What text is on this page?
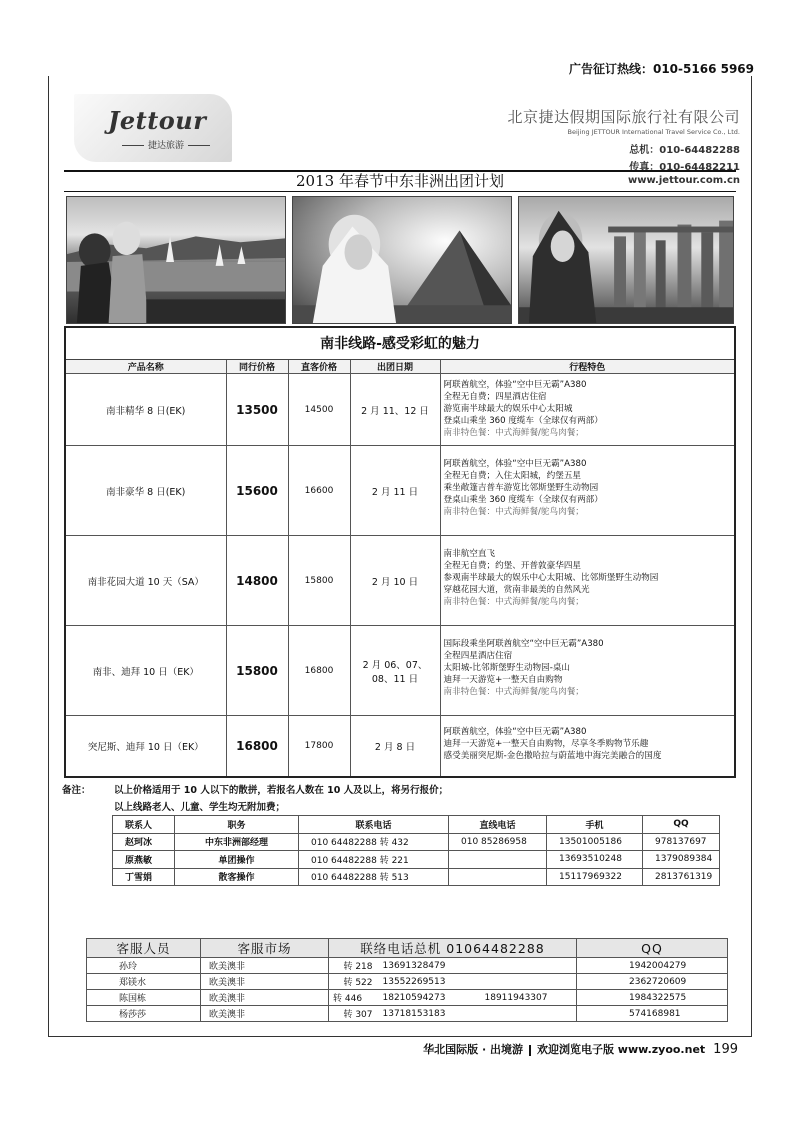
广告征订热线：010-5166 5969
Jettour
捷达旅游
北京捷达假期国际旅行社有限公司
Beijing JETTOUR International Travel Service Co., Ltd.
总机：010-64482288
传真：010-64482211
www.jettour.com.cn
2013 年春节中东非洲出团计划
南非线路-感受彩虹的魅力
产品名称	同行价格	直客价格	出团日期	行程特色
南非精华 8 日(EK)	13500	14500	2 月 11、12 日	阿联酋航空，体验“空中巨无霸”A380
全程无自费；四星酒店住宿
游览南半球最大的娱乐中心太阳城
登桌山乘坐 360 度缆车（全球仅有两部）
南非特色餐：中式海鲜餐/鸵鸟肉餐；

南非豪华 8 日(EK)	15600	16600	2 月 11 日	阿联酋航空，体验“空中巨无霸”A380
全程无自费；入住太阳城，约堡五星
乘坐敞篷吉普车游览比邻斯堡野生动物园
登桌山乘坐 360 度缆车（全球仅有两部）
南非特色餐：中式海鲜餐/鸵鸟肉餐；

南非花园大道 10 天（SA）	14800	15800	2 月 10 日	南非航空直飞
全程无自费；约堡、开普敦豪华四星
参观南半球最大的娱乐中心太阳城、比邻斯堡野生动物园
穿越花园大道，赏南非最美的自然风光
南非特色餐：中式海鲜餐/鸵鸟肉餐；

南非、迪拜 10 日（EK）	15800	16800	2 月 06、07、08、11 日	国际段乘坐阿联酋航空“空中巨无霸”A380
全程四星酒店住宿
太阳城-比邻斯堡野生动物园-桌山
迪拜一天游览+一整天自由购物
南非特色餐：中式海鲜餐/鸵鸟肉餐；

突尼斯、迪拜 10 日（EK）	16800	17800	2 月 8 日	阿联酋航空，体验“空中巨无霸”A380
迪拜一天游览+一整天自由购物，尽享冬季购物节乐趣
感受美丽突尼斯-金色撒哈拉与蔚蓝地中海完美融合的国度
备注： 以上价格适用于 10 人以下的散拼，若报名人数在 10 人及以上，将另行报价；
以上线路老人、儿童、学生均无附加费；
联系人	职务	联系电话	直线电话	手机	QQ
赵珂冰	中东非洲部经理	010 64482288 转 432	010 85286958	13501005186	978137697
原燕敏	单团操作	010 64482288 转 221		13693510248	1379089384
丁雪娟	散客操作	010 64482288 转 513		15117969322	2813761319
客服人员	客服市场	联络电话总机 01064482288			QQ
孙玲	欧美澳非	转 218	13691328479		1942004279
郑镁水	欧美澳非	转 522	13552269513		2362720609
陈国栋	欧美澳非	转 446	18210594273	18911943307	1984322575
杨莎莎	欧美澳非	转 307	13718153183		574168981
华北国际版 · 出境游 欢迎浏览电子版 www.zyoo.net 199
